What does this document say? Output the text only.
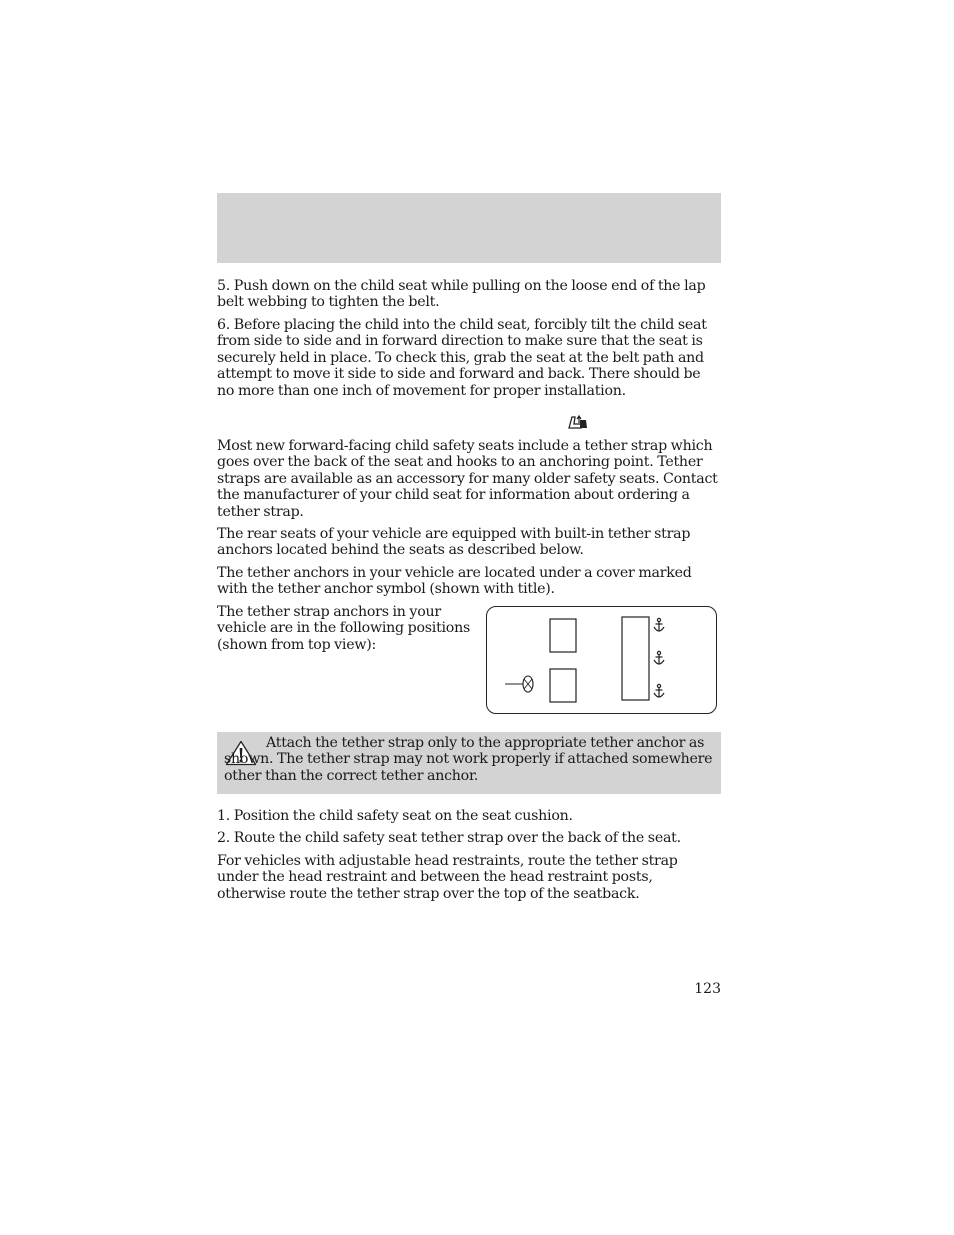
5. Push down on the child seat while pulling on the loose end of the lap belt webbing to tighten the belt.

6. Before placing the child into the child seat, forcibly tilt the child seat from side to side and in forward direction to make sure that the seat is securely held in place. To check this, grab the seat at the belt path and attempt to move it side to side and forward and back. There should be no more than one inch of movement for proper installation.

Most new forward-facing child safety seats include a tether strap which goes over the back of the seat and hooks to an anchoring point. Tether straps are available as an accessory for many older safety seats. Contact the manufacturer of your child seat for information about ordering a tether strap.

The rear seats of your vehicle are equipped with built-in tether strap anchors located behind the seats as described below.

The tether anchors in your vehicle are located under a cover marked with the tether anchor symbol (shown with title).

The tether strap anchors in your vehicle are in the following positions (shown from top view):

Attach the tether strap only to the appropriate tether anchor as shown. The tether strap may not work properly if attached somewhere other than the correct tether anchor.

1. Position the child safety seat on the seat cushion.

2. Route the child safety seat tether strap over the back of the seat.

For vehicles with adjustable head restraints, route the tether strap under the head restraint and between the head restraint posts, otherwise route the tether strap over the top of the seatback.

123
